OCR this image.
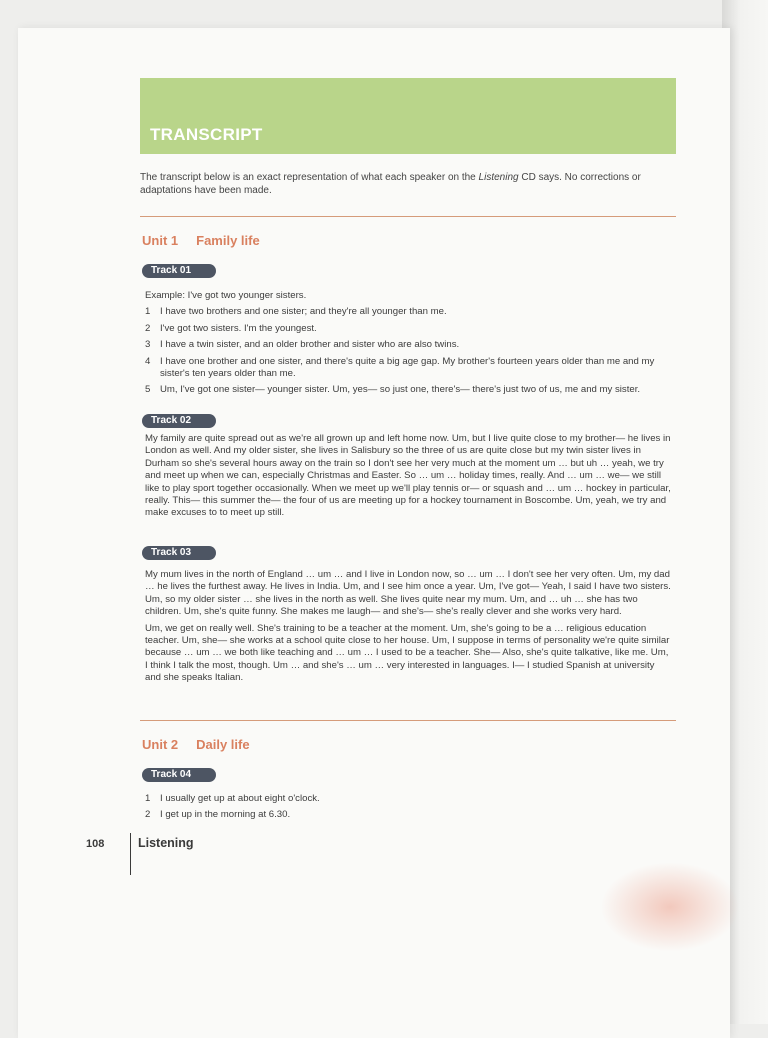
TRANSCRIPT
The transcript below is an exact representation of what each speaker on the Listening CD says. No corrections or adaptations have been made.
Unit 1 Family life
Track 01
Example: I've got two younger sisters.
1 I have two brothers and one sister; and they're all younger than me.
2 I've got two sisters. I'm the youngest.
3 I have a twin sister, and an older brother and sister who are also twins.
4 I have one brother and one sister, and there's quite a big age gap. My brother's fourteen years older than me and my sister's ten years older than me.
5 Um, I've got one sister— younger sister. Um, yes— so just one, there's— there's just two of us, me and my sister.
Track 02
My family are quite spread out as we're all grown up and left home now. Um, but I live quite close to my brother— he lives in London as well. And my older sister, she lives in Salisbury so the three of us are quite close but my twin sister lives in Durham so she's several hours away on the train so I don't see her very much at the moment um … but uh … yeah, we try and meet up when we can, especially Christmas and Easter. So … um … holiday times, really. And … um … we— we still like to play sport together occasionally. When we meet up we'll play tennis or— or squash and … um … hockey in particular, really. This— this summer the— the four of us are meeting up for a hockey tournament in Boscombe. Um, yeah, we try and make excuses to to meet up still.
Track 03
My mum lives in the north of England … um … and I live in London now, so … um … I don't see her very often. Um, my dad … he lives the furthest away. He lives in India. Um, and I see him once a year. Um, I've got— Yeah, I said I have two sisters. Um, so my older sister … she lives in the north as well. She lives quite near my mum. Um, and … uh … she has two children. Um, she's quite funny. She makes me laugh— and she's— she's really clever and she works very hard.
Um, we get on really well. She's training to be a teacher at the moment. Um, she's going to be a … religious education teacher. Um, she— she works at a school quite close to her house. Um, I suppose in terms of personality we're quite similar because … um … we both like teaching and … um … I used to be a teacher. She— Also, she's quite talkative, like me. Um, I think I talk the most, though. Um … and she's … um … very interested in languages. I— I studied Spanish at university and she speaks Italian.
Unit 2 Daily life
Track 04
1 I usually get up at about eight o'clock.
2 I get up in the morning at 6.30.
108	Listening
